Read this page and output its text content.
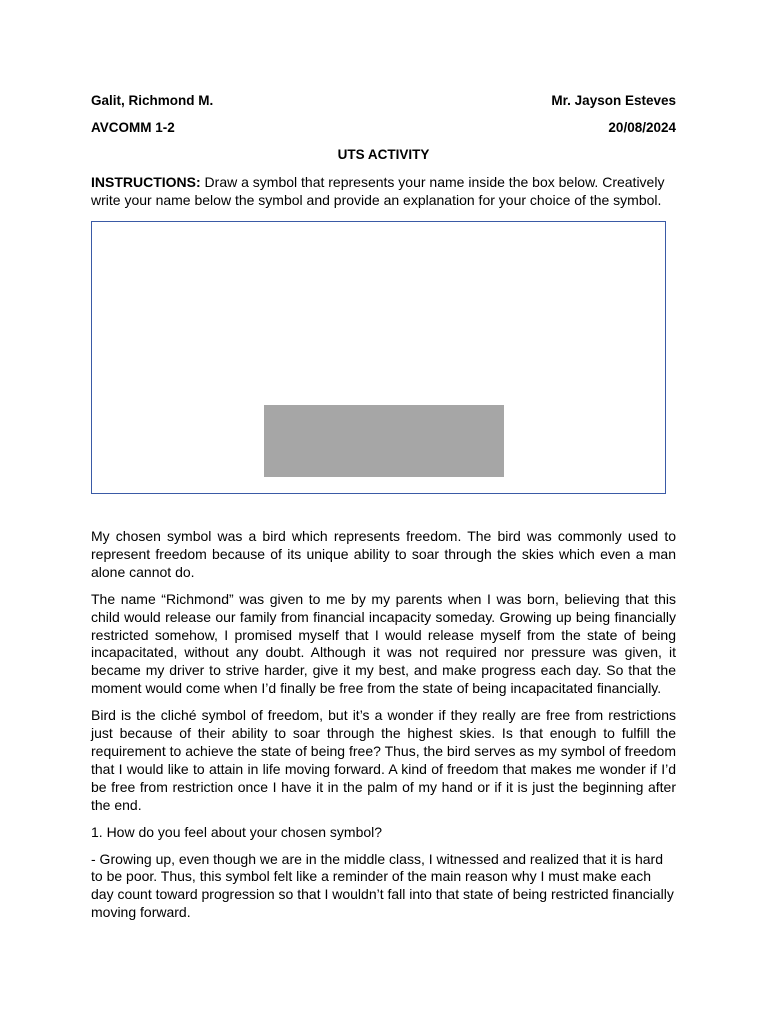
Galit, Richmond M.	Mr. Jayson Esteves
AVCOMM 1-2	20/08/2024
UTS ACTIVITY
INSTRUCTIONS: Draw a symbol that represents your name inside the box below. Creatively write your name below the symbol and provide an explanation for your choice of the symbol.

My chosen symbol was a bird which represents freedom. The bird was commonly used to represent freedom because of its unique ability to soar through the skies which even a man alone cannot do.

The name “Richmond” was given to me by my parents when I was born, believing that this child would release our family from financial incapacity someday. Growing up being financially restricted somehow, I promised myself that I would release myself from the state of being incapacitated, without any doubt. Although it was not required nor pressure was given, it became my driver to strive harder, give it my best, and make progress each day. So that the moment would come when I’d finally be free from the state of being incapacitated financially.

Bird is the cliché symbol of freedom, but it’s a wonder if they really are free from restrictions just because of their ability to soar through the highest skies. Is that enough to fulfill the requirement to achieve the state of being free? Thus, the bird serves as my symbol of freedom that I would like to attain in life moving forward. A kind of freedom that makes me wonder if I’d be free from restriction once I have it in the palm of my hand or if it is just the beginning after the end.

1. How do you feel about your chosen symbol?

- Growing up, even though we are in the middle class, I witnessed and realized that it is hard to be poor. Thus, this symbol felt like a reminder of the main reason why I must make each day count toward progression so that I wouldn’t fall into that state of being restricted financially moving forward.
